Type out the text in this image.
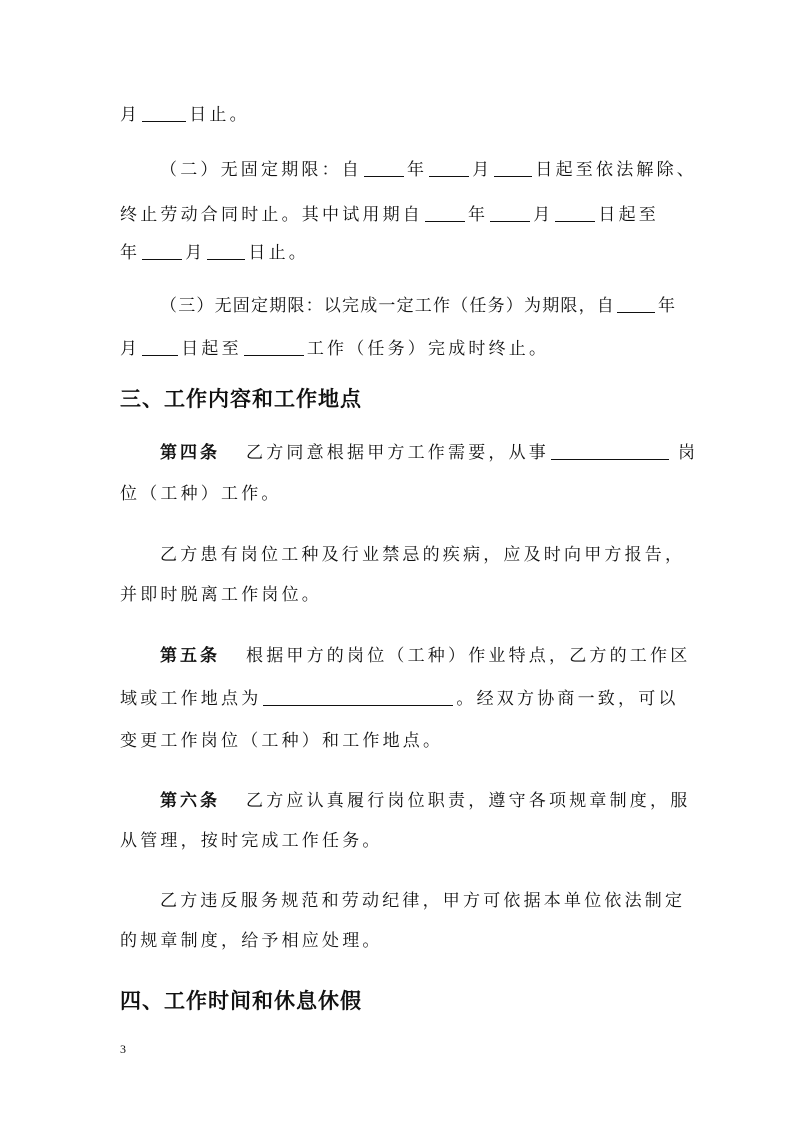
月	日止。
（二）无固定期限：自	年	月	日起至依法解除、
终止劳动合同时止。其中试用期自	年	月	日起至
年	月	日止。
（三）无固定期限：以完成一定工作（任务）为期限，自	年
月 日起至	工作（任务）完成时终止。
三、工作内容和工作地点
第四条 乙方同意根据甲方工作需要，从事	岗
位（工种）工作。
乙方患有岗位工种及行业禁忌的疾病，应及时向甲方报告，
并即时脱离工作岗位。
第五条 根据甲方的岗位（工种）作业特点，乙方的工作区
域或工作地点为	。经双方协商一致，可以
变更工作岗位（工种）和工作地点。
第六条 乙方应认真履行岗位职责，遵守各项规章制度，服
从管理，按时完成工作任务。
乙方违反服务规范和劳动纪律，甲方可依据本单位依法制定
的规章制度，给予相应处理。
四、工作时间和休息休假
3
